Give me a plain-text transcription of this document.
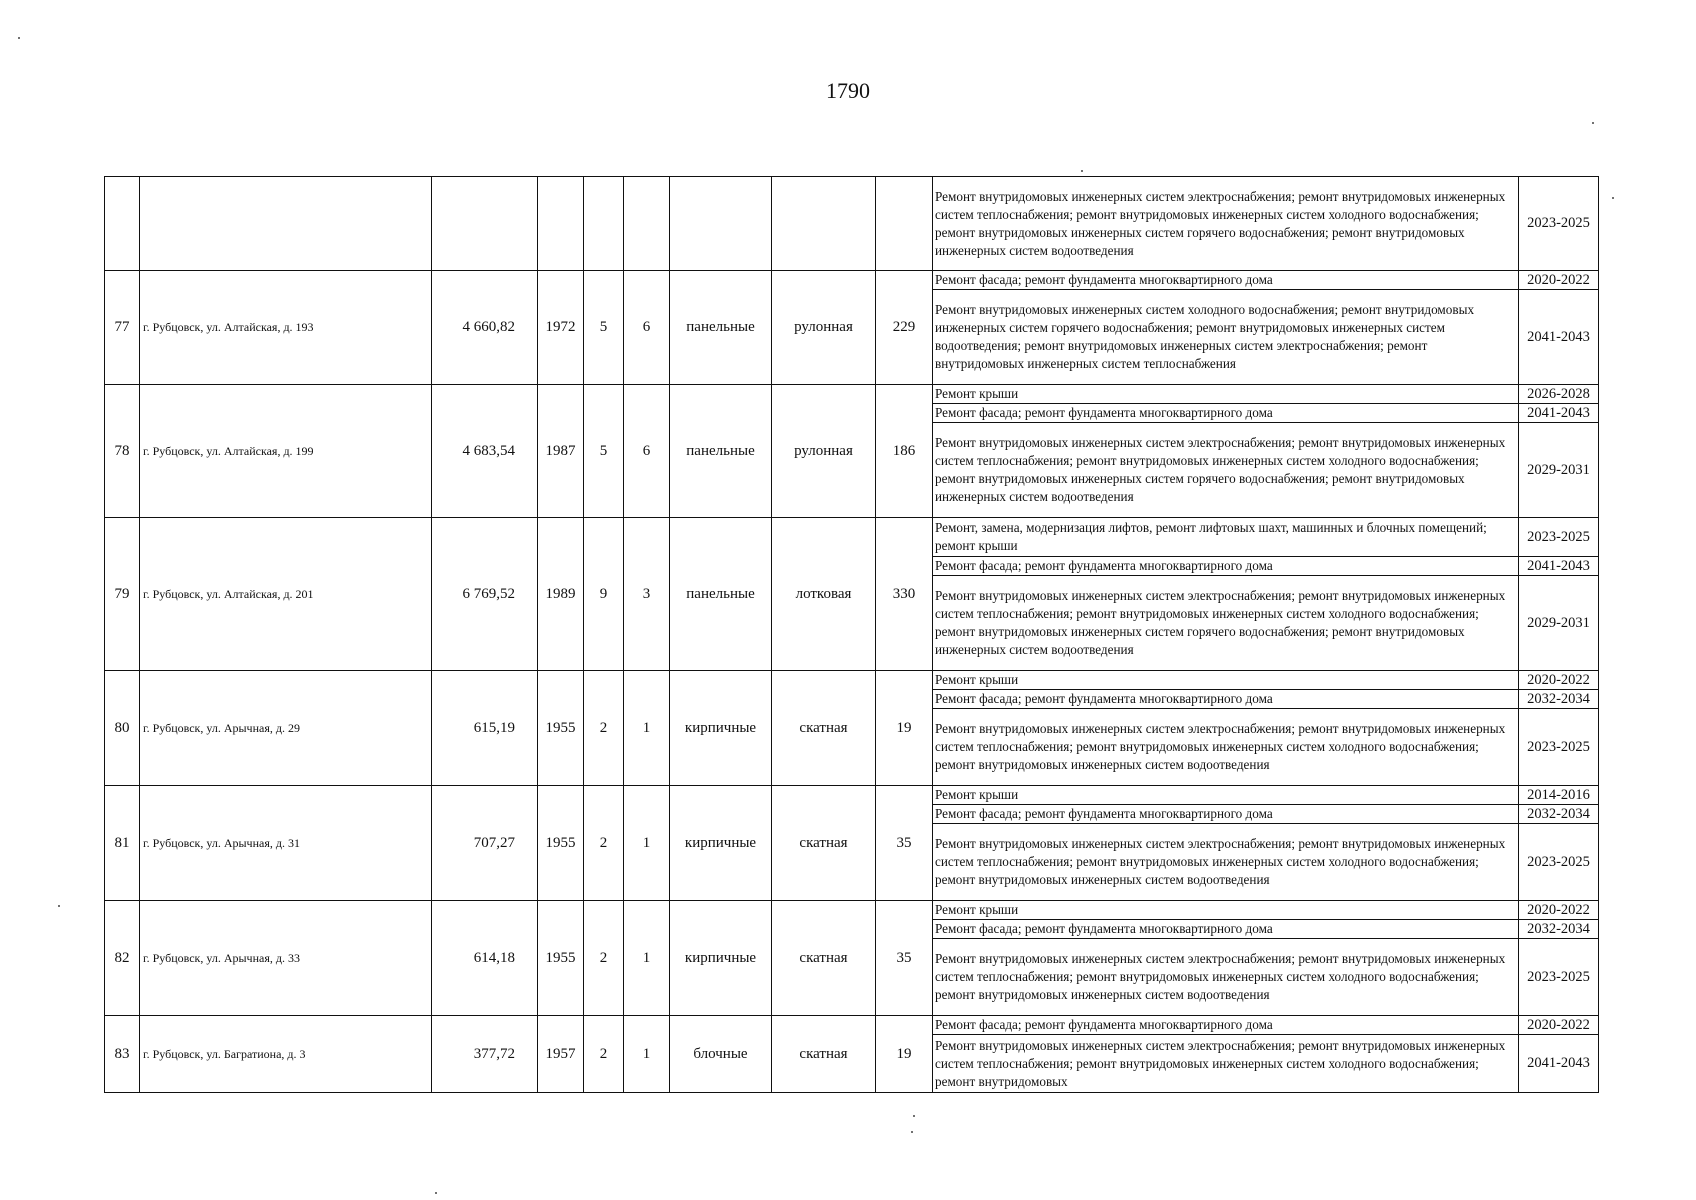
1790
									Ремонт внутридомовых инженерных систем электроснабжения; ремонт внутридомовых инженерных систем теплоснабжения; ремонт внутридомовых инженерных систем холодного водоснабжения; ремонт внутридомовых инженерных систем горячего водоснабжения; ремонт внутридомовых инженерных систем водоотведения	2023-2025
77	г. Рубцовск, ул. Алтайская, д. 193	4 660,82	1972	5	6	панельные	рулонная	229	Ремонт фасада; ремонт фундамента многоквартирного дома	2020-2022
									Ремонт внутридомовых инженерных систем холодного водоснабжения; ремонт внутридомовых инженерных систем горячего водоснабжения; ремонт внутридомовых инженерных систем водоотведения; ремонт внутридомовых инженерных систем электроснабжения; ремонт внутридомовых инженерных систем теплоснабжения	2041-2043
78	г. Рубцовск, ул. Алтайская, д. 199	4 683,54	1987	5	6	панельные	рулонная	186	Ремонт крыши	2026-2028
									Ремонт фасада; ремонт фундамента многоквартирного дома	2041-2043
									Ремонт внутридомовых инженерных систем электроснабжения; ремонт внутридомовых инженерных систем теплоснабжения; ремонт внутридомовых инженерных систем холодного водоснабжения; ремонт внутридомовых инженерных систем горячего водоснабжения; ремонт внутридомовых инженерных систем водоотведения	2029-2031
79	г. Рубцовск, ул. Алтайская, д. 201	6 769,52	1989	9	3	панельные	лотковая	330	Ремонт, замена, модернизация лифтов, ремонт лифтовых шахт, машинных и блочных помещений; ремонт крыши	2023-2025
									Ремонт фасада; ремонт фундамента многоквартирного дома	2041-2043
									Ремонт внутридомовых инженерных систем электроснабжения; ремонт внутридомовых инженерных систем теплоснабжения; ремонт внутридомовых инженерных систем холодного водоснабжения; ремонт внутридомовых инженерных систем горячего водоснабжения; ремонт внутридомовых инженерных систем водоотведения	2029-2031
80	г. Рубцовск, ул. Арычная, д. 29	615,19	1955	2	1	кирпичные	скатная	19	Ремонт крыши	2020-2022
									Ремонт фасада; ремонт фундамента многоквартирного дома	2032-2034
									Ремонт внутридомовых инженерных систем электроснабжения; ремонт внутридомовых инженерных систем теплоснабжения; ремонт внутридомовых инженерных систем холодного водоснабжения; ремонт внутридомовых инженерных систем водоотведения	2023-2025
81	г. Рубцовск, ул. Арычная, д. 31	707,27	1955	2	1	кирпичные	скатная	35	Ремонт крыши	2014-2016
									Ремонт фасада; ремонт фундамента многоквартирного дома	2032-2034
									Ремонт внутридомовых инженерных систем электроснабжения; ремонт внутридомовых инженерных систем теплоснабжения; ремонт внутридомовых инженерных систем холодного водоснабжения; ремонт внутридомовых инженерных систем водоотведения	2023-2025
82	г. Рубцовск, ул. Арычная, д. 33	614,18	1955	2	1	кирпичные	скатная	35	Ремонт крыши	2020-2022
									Ремонт фасада; ремонт фундамента многоквартирного дома	2032-2034
									Ремонт внутридомовых инженерных систем электроснабжения; ремонт внутридомовых инженерных систем теплоснабжения; ремонт внутридомовых инженерных систем холодного водоснабжения; ремонт внутридомовых инженерных систем водоотведения	2023-2025
83	г. Рубцовск, ул. Багратиона, д. 3	377,72	1957	2	1	блочные	скатная	19	Ремонт фасада; ремонт фундамента многоквартирного дома	2020-2022
									Ремонт внутридомовых инженерных систем электроснабжения; ремонт внутридомовых инженерных систем теплоснабжения; ремонт внутридомовых инженерных систем холодного водоснабжения; ремонт внутридомовых	2041-2043
